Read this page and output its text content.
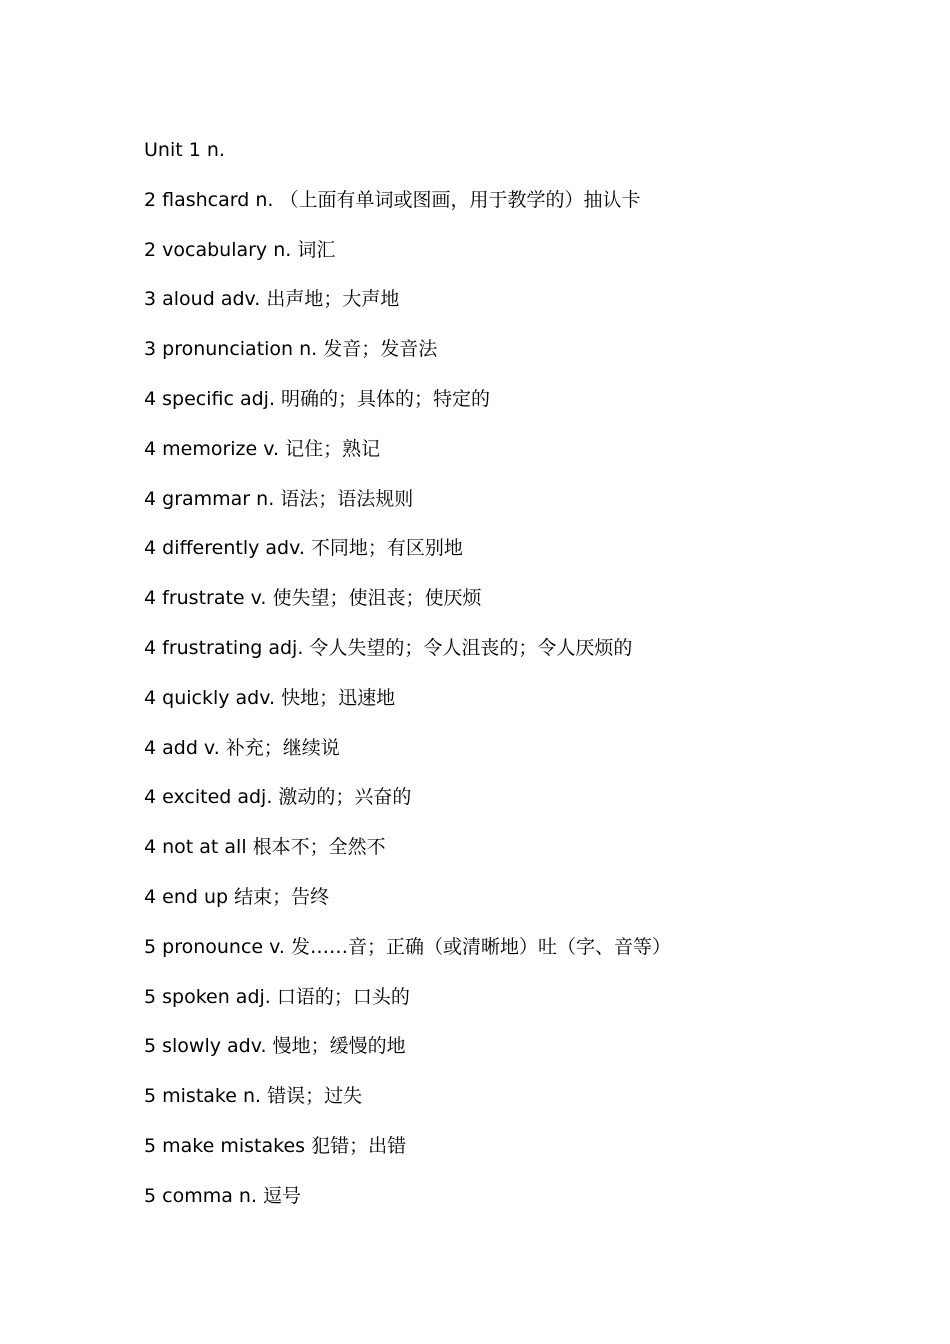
Unit 1 n.
2 flashcard n. （上面有单词或图画，用于教学的）抽认卡
2 vocabulary n. 词汇
3 aloud adv. 出声地；大声地
3 pronunciation n. 发音；发音法
4 specific adj. 明确的；具体的；特定的
4 memorize v. 记住；熟记
4 grammar n. 语法；语法规则
4 differently adv. 不同地；有区别地
4 frustrate v. 使失望；使沮丧；使厌烦
4 frustrating adj. 令人失望的；令人沮丧的；令人厌烦的
4 quickly adv. 快地；迅速地
4 add v. 补充；继续说
4 excited adj. 激动的；兴奋的
4 not at all 根本不；全然不
4 end up 结束；告终
5 pronounce v. 发……音；正确（或清晰地）吐（字、音等）
5 spoken adj. 口语的；口头的
5 slowly adv. 慢地；缓慢的地
5 mistake n. 错误；过失
5 make mistakes 犯错；出错
5 comma n. 逗号
